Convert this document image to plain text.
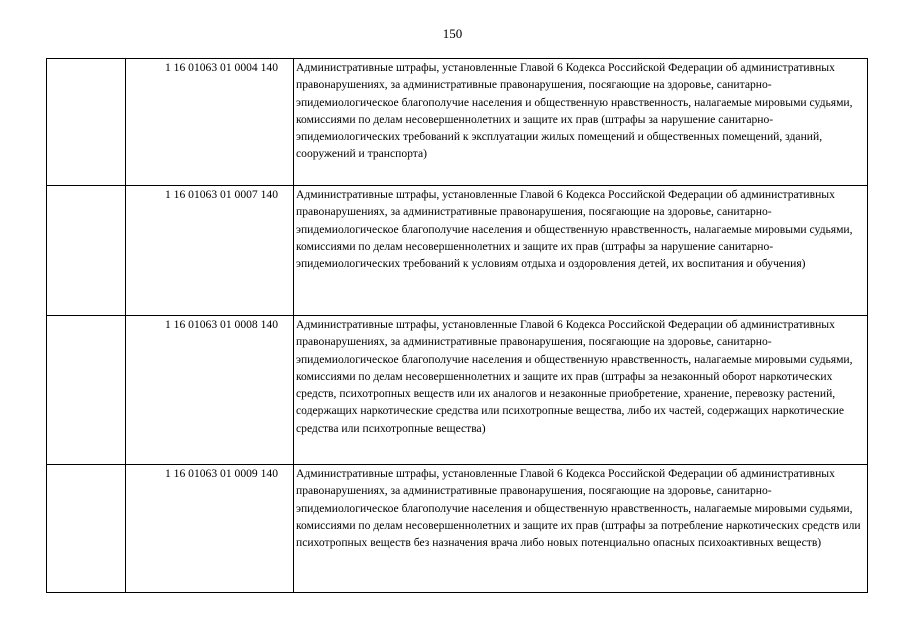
150
	1 16 01063 01 0004 140	Административные штрафы, установленные Главой 6 Кодекса Российской Федерации об административных правонарушениях, за административные правонарушения, посягающие на здоровье, санитарно-эпидемиологическое благополучие населения и общественную нравственность, налагаемые мировыми судьями, комиссиями по делам несовершеннолетних и защите их прав (штрафы за нарушение санитарно-эпидемиологических требований к эксплуатации жилых помещений и общественных помещений, зданий, сооружений и транспорта)
	1 16 01063 01 0007 140	Административные штрафы, установленные Главой 6 Кодекса Российской Федерации об административных правонарушениях, за административные правонарушения, посягающие на здоровье, санитарно-эпидемиологическое благополучие населения и общественную нравственность, налагаемые мировыми судьями, комиссиями по делам несовершеннолетних и защите их прав (штрафы за нарушение санитарно-эпидемиологических требований к условиям отдыха и оздоровления детей, их воспитания и обучения)
	1 16 01063 01 0008 140	Административные штрафы, установленные Главой 6 Кодекса Российской Федерации об административных правонарушениях, за административные правонарушения, посягающие на здоровье, санитарно-эпидемиологическое благополучие населения и общественную нравственность, налагаемые мировыми судьями, комиссиями по делам несовершеннолетних и защите их прав (штрафы за незаконный оборот наркотических средств, психотропных веществ или их аналогов и незаконные приобретение, хранение, перевозку растений, содержащих наркотические средства или психотропные вещества, либо их частей, содержащих наркотические средства или психотропные вещества)
	1 16 01063 01 0009 140	Административные штрафы, установленные Главой 6 Кодекса Российской Федерации об административных правонарушениях, за административные правонарушения, посягающие на здоровье, санитарно-эпидемиологическое благополучие населения и общественную нравственность, налагаемые мировыми судьями, комиссиями по делам несовершеннолетних и защите их прав (штрафы за потребление наркотических средств или психотропных веществ без назначения врача либо новых потенциально опасных психоактивных веществ)
